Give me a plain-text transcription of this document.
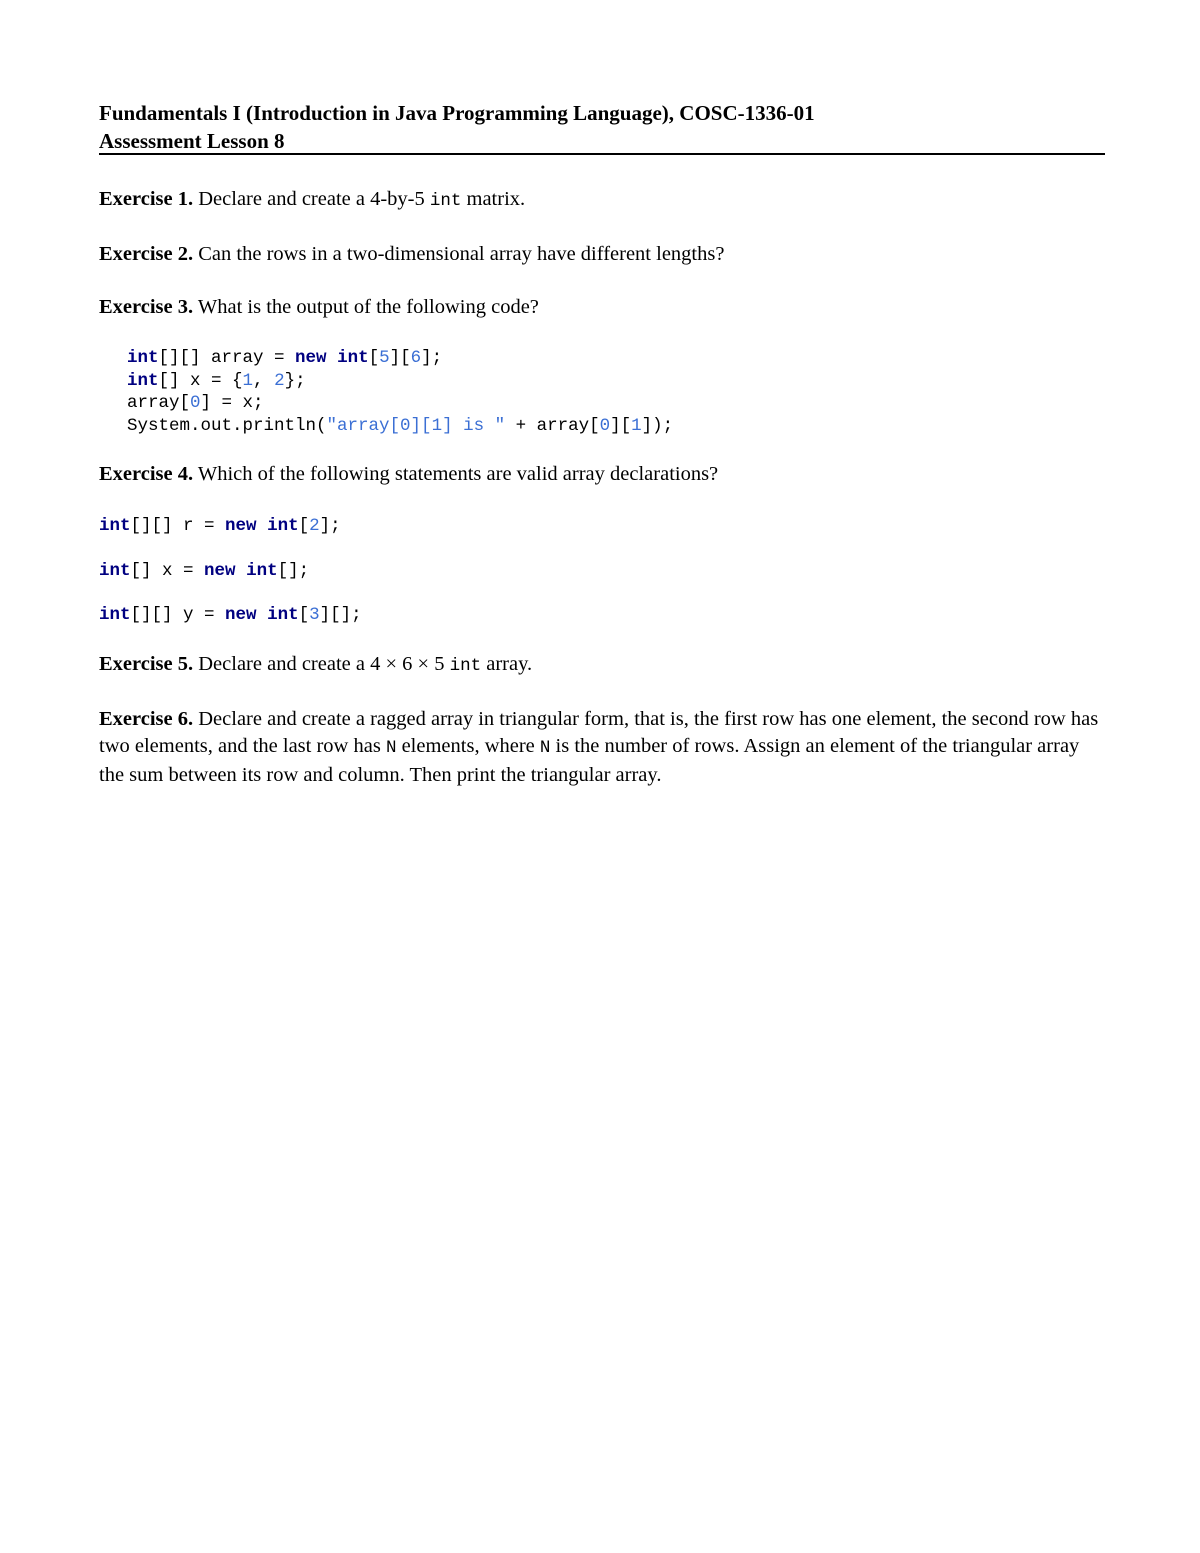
Fundamentals I (Introduction in Java Programming Language), COSC-1336-01

Assessment Lesson 8

Exercise 1. Declare and create a 4-by-5 int matrix.

Exercise 2. Can the rows in a two-dimensional array have different lengths?

Exercise 3. What is the output of the following code?

int[][] array = new int[5][6];
int[] x = {1, 2};
array[0] = x;
System.out.println("array[0][1] is " + array[0][1]);

Exercise 4. Which of the following statements are valid array declarations?

int[][] r = new int[2];
int[] x = new int[];
int[][] y = new int[3][];

Exercise 5. Declare and create a 4 × 6 × 5 int array.

Exercise 6. Declare and create a ragged array in triangular form, that is, the first row has one element, the second row has two elements, and the last row has N elements, where N is the number of rows. Assign an element of the triangular array the sum between its row and column. Then print the triangular array.
